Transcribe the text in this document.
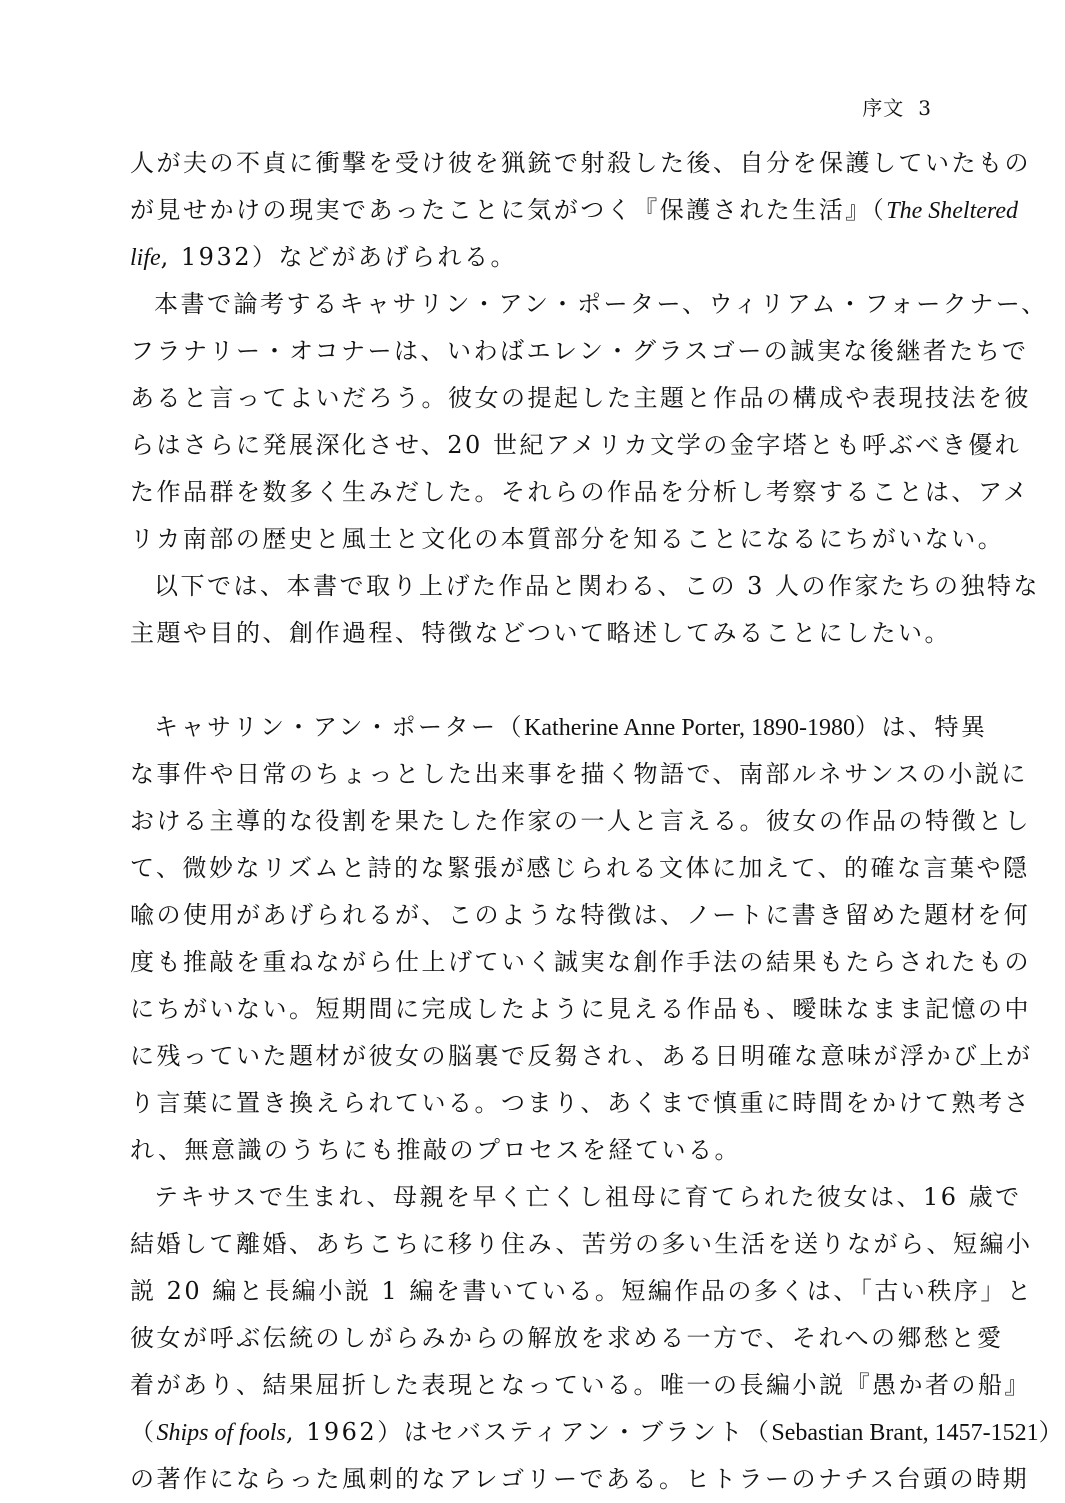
序文 3
人が夫の不貞に衝撃を受け彼を猟銃で射殺した後、自分を保護していたもの
が見せかけの現実であったことに気がつく『保護された生活』（The Sheltered
life, 1932）などがあげられる。
本書で論考するキャサリン・アン・ポーター、ウィリアム・フォークナー、
フラナリー・オコナーは、いわばエレン・グラスゴーの誠実な後継者たちで
あると言ってよいだろう。彼女の提起した主題と作品の構成や表現技法を彼
らはさらに発展深化させ、20 世紀アメリカ文学の金字塔とも呼ぶべき優れ
た作品群を数多く生みだした。それらの作品を分析し考察することは、アメ
リカ南部の歴史と風土と文化の本質部分を知ることになるにちがいない。
以下では、本書で取り上げた作品と関わる、この 3 人の作家たちの独特な
主題や目的、創作過程、特徴などついて略述してみることにしたい。
キャサリン・アン・ポーター（Katherine Anne Porter, 1890-1980）は、特異
な事件や日常のちょっとした出来事を描く物語で、南部ルネサンスの小説に
おける主導的な役割を果たした作家の一人と言える。彼女の作品の特徴とし
て、微妙なリズムと詩的な緊張が感じられる文体に加えて、的確な言葉や隠
喩の使用があげられるが、このような特徴は、ノートに書き留めた題材を何
度も推敲を重ねながら仕上げていく誠実な創作手法の結果もたらされたもの
にちがいない。短期間に完成したように見える作品も、曖昧なまま記憶の中
に残っていた題材が彼女の脳裏で反芻され、ある日明確な意味が浮かび上が
り言葉に置き換えられている。つまり、あくまで慎重に時間をかけて熟考さ
れ、無意識のうちにも推敲のプロセスを経ている。
テキサスで生まれ、母親を早く亡くし祖母に育てられた彼女は、16 歳で
結婚して離婚、あちこちに移り住み、苦労の多い生活を送りながら、短編小
説 20 編と長編小説 1 編を書いている。短編作品の多くは、「古い秩序」と
彼女が呼ぶ伝統のしがらみからの解放を求める一方で、それへの郷愁と愛
着があり、結果屈折した表現となっている。唯一の長編小説『愚か者の船』
（Ships of fools, 1962）はセバスティアン・ブラント（Sebastian Brant, 1457-1521）
の著作にならった風刺的なアレゴリーである。ヒトラーのナチス台頭の時期
